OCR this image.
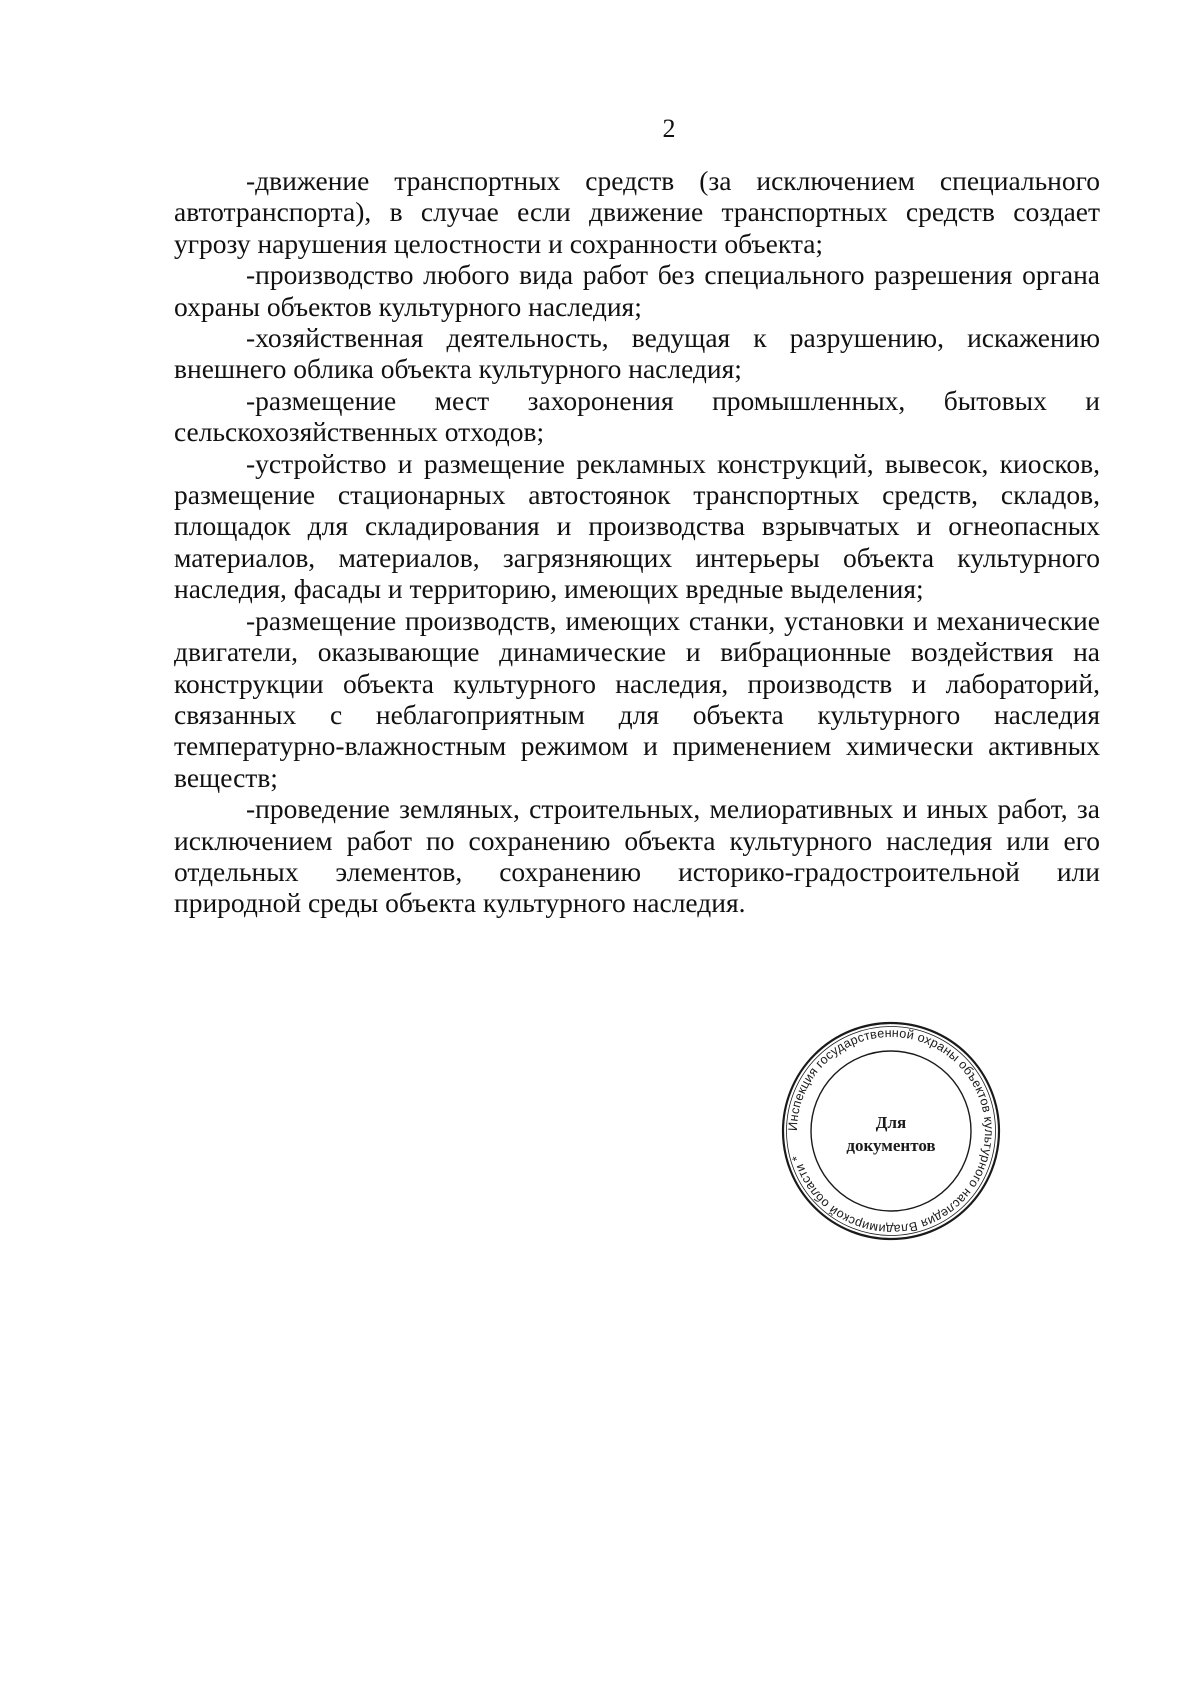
2

-движение транспортных средств (за исключением специального автотранспорта), в случае если движение транспортных средств создает угрозу нарушения целостности и сохранности объекта;

-производство любого вида работ без специального разрешения органа охраны объектов культурного наследия;

-хозяйственная деятельность, ведущая к разрушению, искажению внешнего облика объекта культурного наследия;

-размещение мест захоронения промышленных, бытовых и сельскохозяйственных отходов;

-устройство и размещение рекламных конструкций, вывесок, киосков, размещение стационарных автостоянок транспортных средств, складов, площадок для складирования и производства взрывчатых и огнеопасных материалов, материалов, загрязняющих интерьеры объекта культурного наследия, фасады и территорию, имеющих вредные выделения;

-размещение производств, имеющих станки, установки и механические двигатели, оказывающие динамические и вибрационные воздействия на конструкции объекта культурного наследия, производств и лабораторий, связанных с неблагоприятным для объекта культурного наследия температурно-влажностным режимом и применением химически активных веществ;

-проведение земляных, строительных, мелиоративных и иных работ, за исключением работ по сохранению объекта культурного наследия или его отдельных элементов, сохранению историко-градостроительной или природной среды объекта культурного наследия.

Инспекция государственной охраны объектов культурного наследия Владимирской области *
Для
документов
